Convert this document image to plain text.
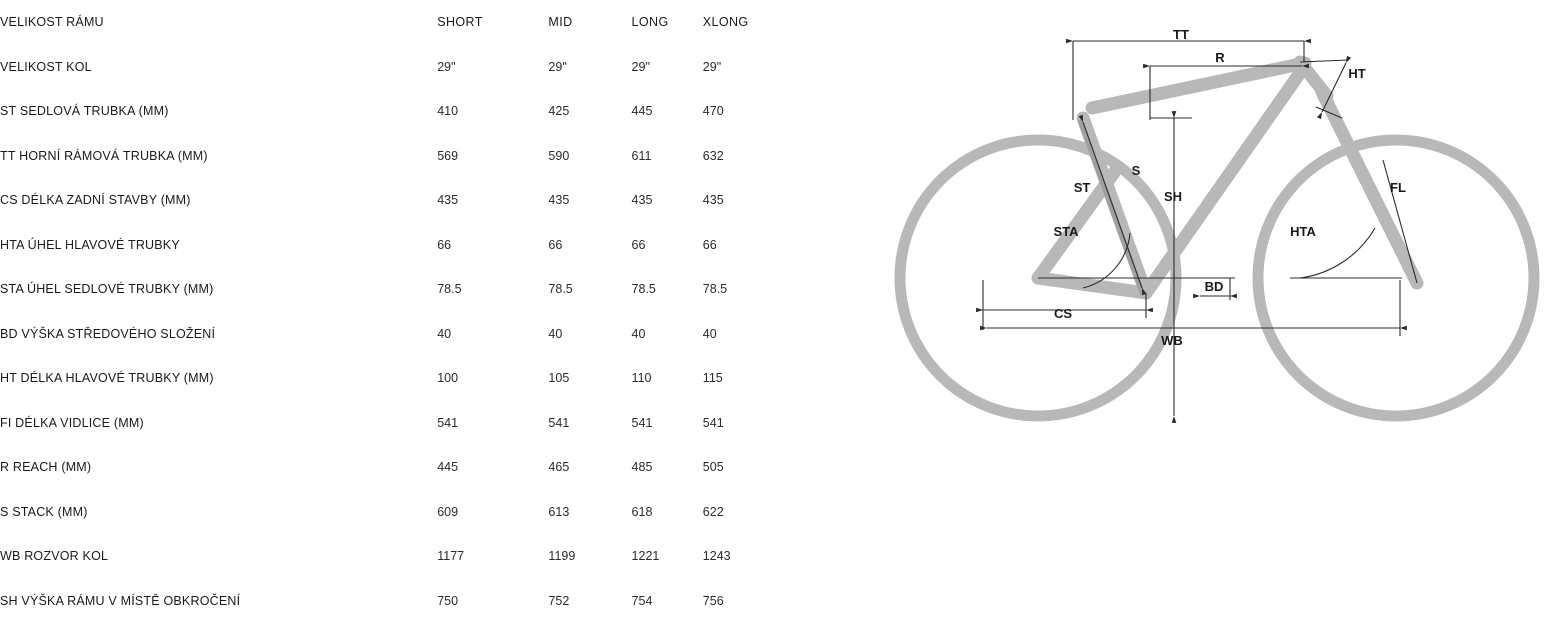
VELIKOST RÁMU	SHORT	MID	LONG	XLONG
VELIKOST KOL	29"	29"	29"	29"
ST SEDLOVÁ TRUBKA (MM)	410	425	445	470
TT HORNÍ RÁMOVÁ TRUBKA (MM)	569	590	611	632
CS DÉLKA ZADNÍ STAVBY (MM)	435	435	435	435
HTA ÚHEL HLAVOVÉ TRUBKY	66	66	66	66
STA ÚHEL SEDLOVÉ TRUBKY (MM)	78.5	78.5	78.5	78.5
BD VÝŠKA STŘEDOVÉHO SLOŽENÍ	40	40	40	40
HT DÉLKA HLAVOVÉ TRUBKY (MM)	100	105	110	115
FI DÉLKA VIDLICE (MM)	541	541	541	541
R REACH (MM)	445	465	485	505
S STACK (MM)	609	613	618	622
WB ROZVOR KOL	1177	1199	1221	1243
SH VÝŠKA RÁMU V MÍSTĚ OBKROČENÍ	750	752	754	756
TT
R
HT
S
SH
ST
STA
FL
HTA
BD
CS
WB
